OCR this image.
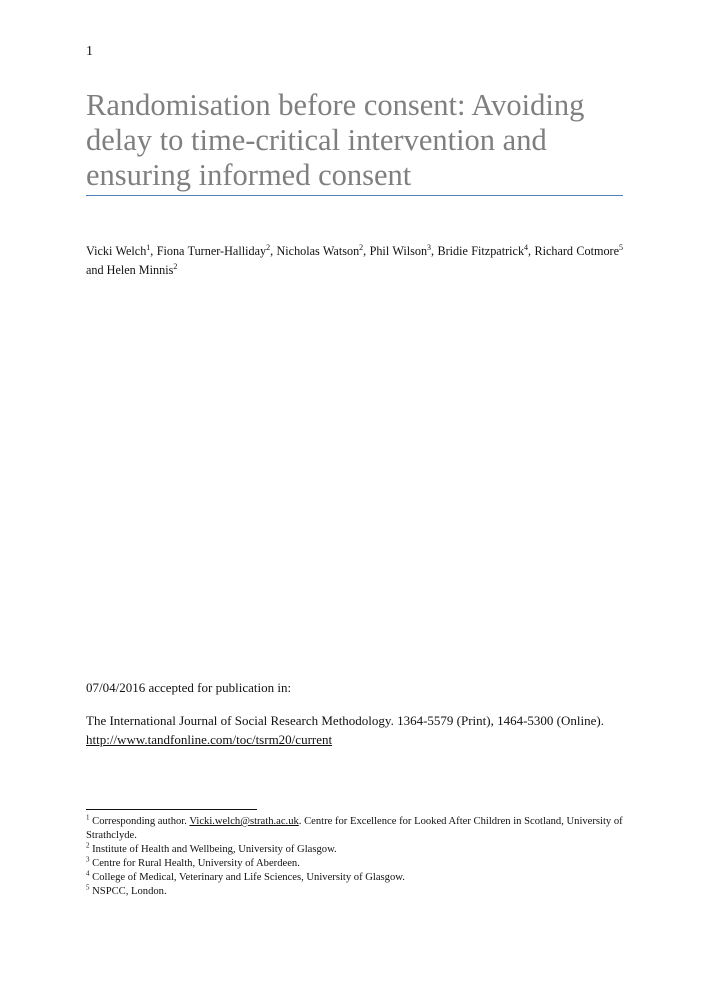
1
Randomisation before consent: Avoiding delay to time-critical intervention and ensuring informed consent
Vicki Welch$^1$, Fiona Turner-Halliday$^2$, Nicholas Watson$^2$, Phil Wilson$^3$, Bridie Fitzpatrick$^4$, Richard Cotmore$^5$ and Helen Minnis$^2$
07/04/2016 accepted for publication in:
The International Journal of Social Research Methodology. 1364-5579 (Print), 1464-5300 (Online). http://www.tandfonline.com/toc/tsrm20/current
$^1$ Corresponding author. Vicki.welch@strath.ac.uk. Centre for Excellence for Looked After Children in Scotland, University of Strathclyde.
$^2$ Institute of Health and Wellbeing, University of Glasgow.
$^3$ Centre for Rural Health, University of Aberdeen.
$^4$ College of Medical, Veterinary and Life Sciences, University of Glasgow.
$^5$ NSPCC, London.
